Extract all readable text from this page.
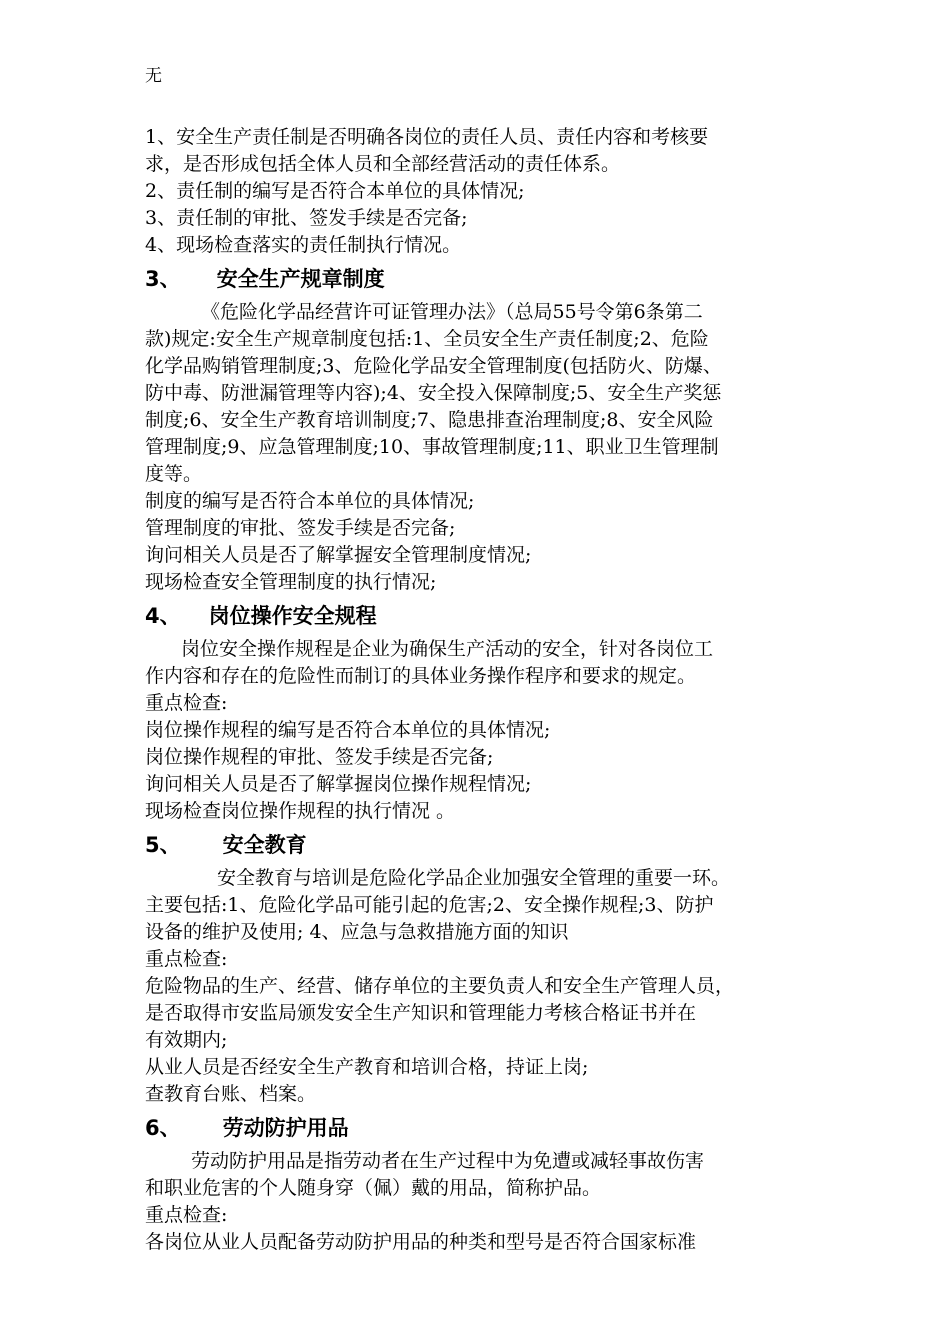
无
1、安全生产责任制是否明确各岗位的责任人员、责任内容和考核要
求，是否形成包括全体人员和全部经营活动的责任体系。
2、责任制的编写是否符合本单位的具体情况;
3、责任制的审批、签发手续是否完备;
4、现场检查落实的责任制执行情况。
3、 安全生产规章制度
《危险化学品经营许可证管理办法》（总局55号令第6条第二
款)规定:安全生产规章制度包括:1、全员安全生产责任制度;2、危险
化学品购销管理制度;3、危险化学品安全管理制度(包括防火、防爆、
防中毒、防泄漏管理等内容);4、安全投入保障制度;5、安全生产奖惩
制度;6、安全生产教育培训制度;7、隐患排查治理制度;8、安全风险
管理制度;9、应急管理制度;10、事故管理制度;11、职业卫生管理制
度等。
制度的编写是否符合本单位的具体情况;
管理制度的审批、签发手续是否完备;
询问相关人员是否了解掌握安全管理制度情况;
现场检查安全管理制度的执行情况;
4、 岗位操作安全规程
岗位安全操作规程是企业为确保生产活动的安全，针对各岗位工
作内容和存在的危险性而制订的具体业务操作程序和要求的规定。
重点检查:
岗位操作规程的编写是否符合本单位的具体情况;
岗位操作规程的审批、签发手续是否完备;
询问相关人员是否了解掌握岗位操作规程情况;
现场检查岗位操作规程的执行情况 。
5、 安全教育
安全教育与培训是危险化学品企业加强安全管理的重要一环。
主要包括:1、危险化学品可能引起的危害;2、安全操作规程;3、防护
设备的维护及使用; 4、应急与急救措施方面的知识
重点检查:
危险物品的生产、经营、储存单位的主要负责人和安全生产管理人员，
是否取得市安监局颁发安全生产知识和管理能力考核合格证书并在
有效期内;
从业人员是否经安全生产教育和培训合格，持证上岗;
查教育台账、档案。
6、 劳动防护用品
劳动防护用品是指劳动者在生产过程中为免遭或减轻事故伤害
和职业危害的个人随身穿（佩）戴的用品，简称护品。
重点检查:
各岗位从业人员配备劳动防护用品的种类和型号是否符合国家标准
